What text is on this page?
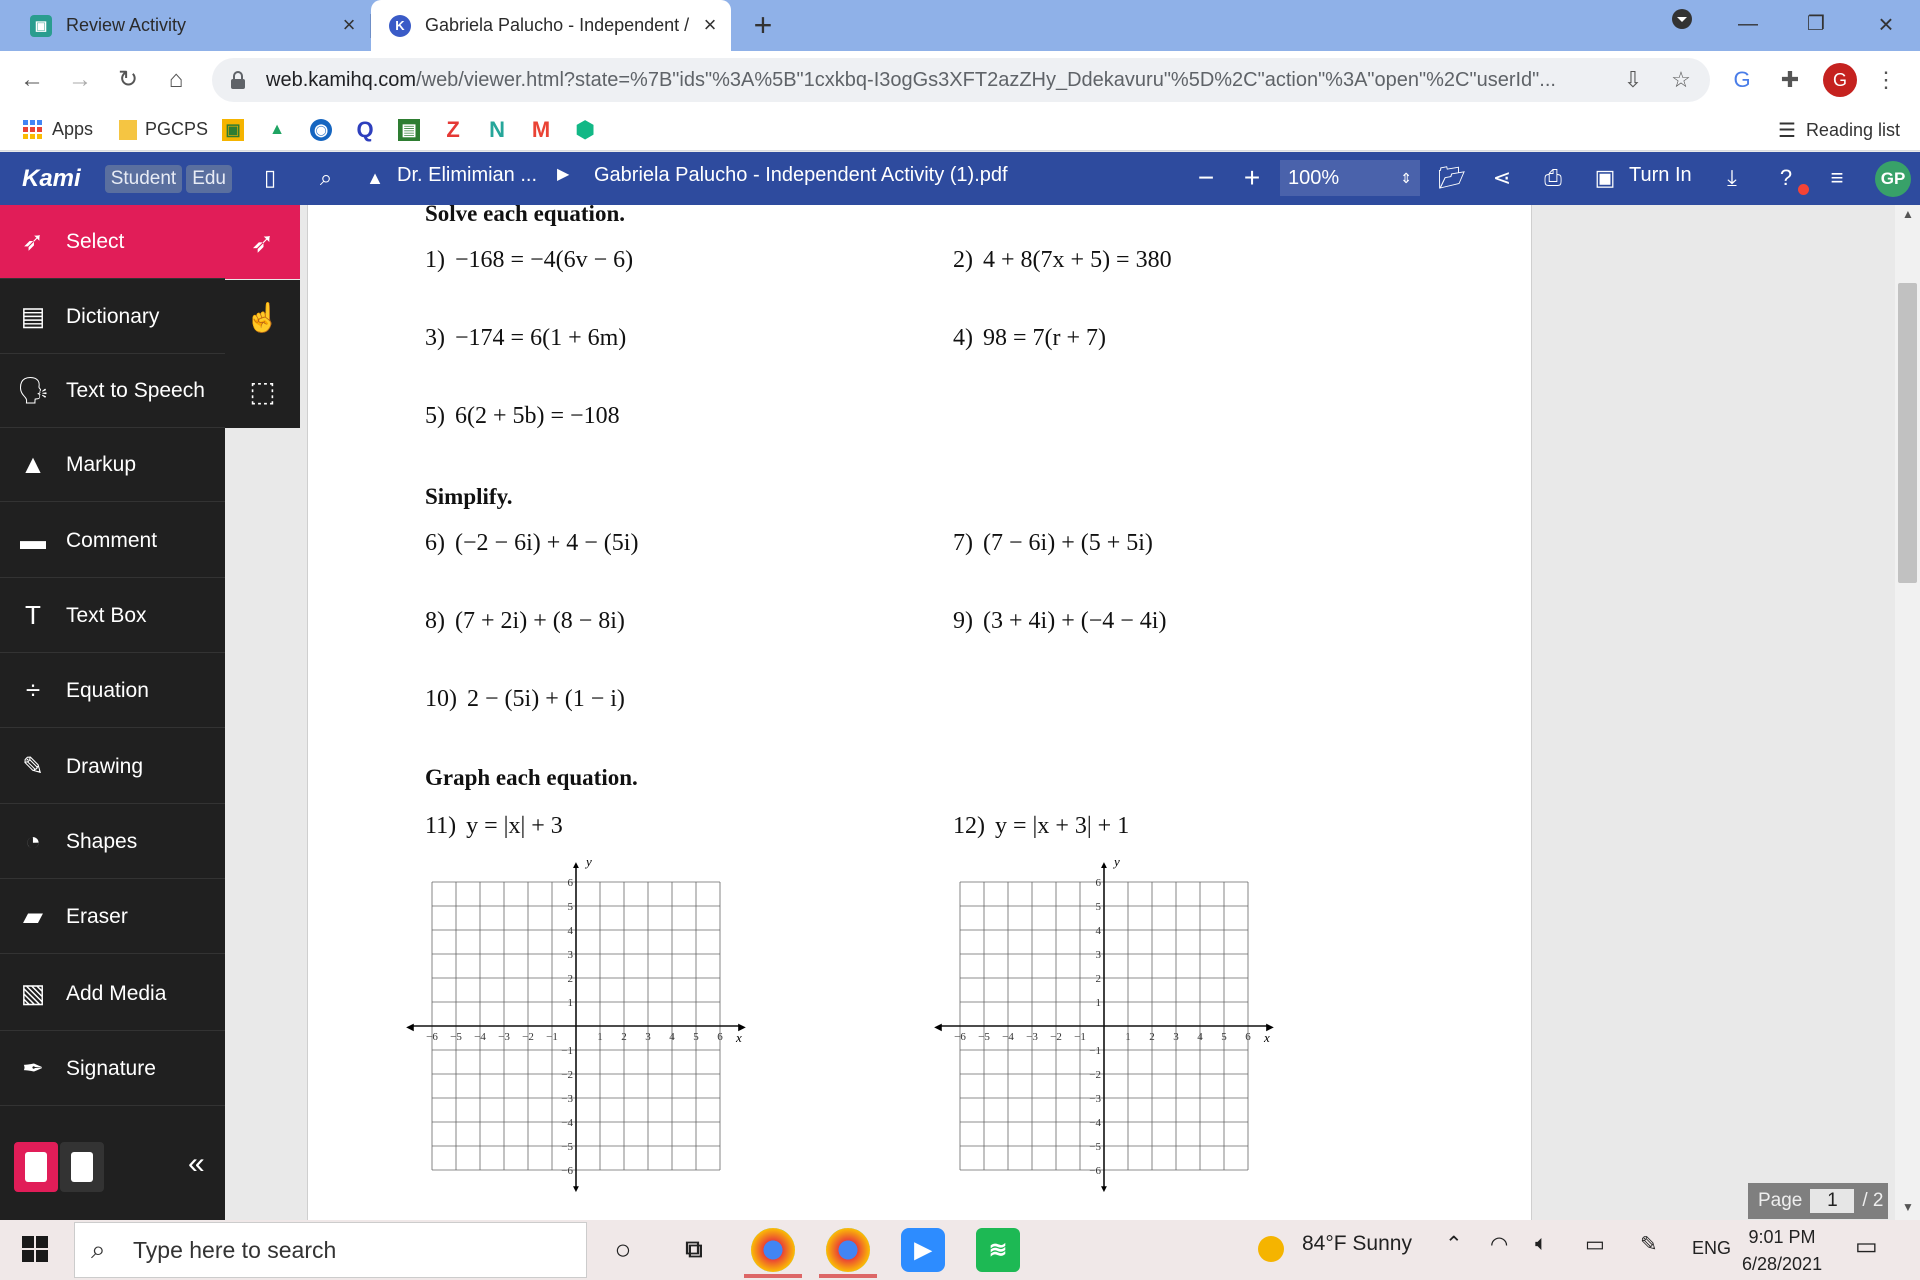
▣ Review Activity	×	K	Gabriela Palucho - Independent / × +	—	❐	×
← → ↻	⌂	web.kamihq.com/web/viewer.html?state=%7B"ids"%3A%5B"1cxkbq-I3ogGs3XFT2azZHy_Ddekavuru"%5D%2C"action"%3A"open"%2C"userId"...	⇩	☆	G	✚	⋮
G
Apps	PGCPS ▣ ▲ ◉ Q ▤ Z N M ⬢	☰ Reading list
Kami	Student Edu	▯	⌕	▲ Dr. Elimimian ... ▶ Gabriela Palucho - Independent Activity (1).pdf	−	+	100%	⇕ 📂︎	⋖	⎙	▣ Turn In	⤓	?	≡	GP
➶	Select
▤ Dictionary
🗣︎ Text to Speech
▲ Markup
▬ Comment
T	Text Box
÷	Equation
✎	Drawing
◔	Shapes
▰	Eraser
▧ Add Media
✒	Signature
➶
☝
⬚
«
Solve each equation.
Simplify.
Graph each equation.
1) −168 = −4(6v − 6)	2) 4 + 8(7x + 5) = 380
3) −174 = 6(1 + 6m)	4) 98 = 7(r + 7)
5) 6(2 + 5b) = −108
6) (−2 − 6i) + 4 − (5i)	7) (7 − 6i) + (5 + 5i)
8) (7 + 2i) + (8 − 8i)	9) (3 + 4i) + (−4 − 4i)
10) 2 − (5i) + (1 − i)
11) y = |x| + 3	12) y = |x + 3| + 1
◀	▶
▲
▼
−6 −5 −4 −3 −2 −1	1 2 3 4 5 6
6
5
4
3
2
1
−1
−2
−3
−4
−5
−6
x
y
◀	▶
▲
▼
−6 −5 −4 −3 −2 −1	1 2 3 4 5 6
6
5
4
3
2
1
−1
−2
−3
−4
−5
−6
x
y
▲
▼
Page	1	/ 2
⌕ Type here to search	○	⧉	▶	≋	84°F Sunny ⌃ ◠ 🔈︎ ▭ ✎ ENG
9:01 PM
6/28/2021
▭
